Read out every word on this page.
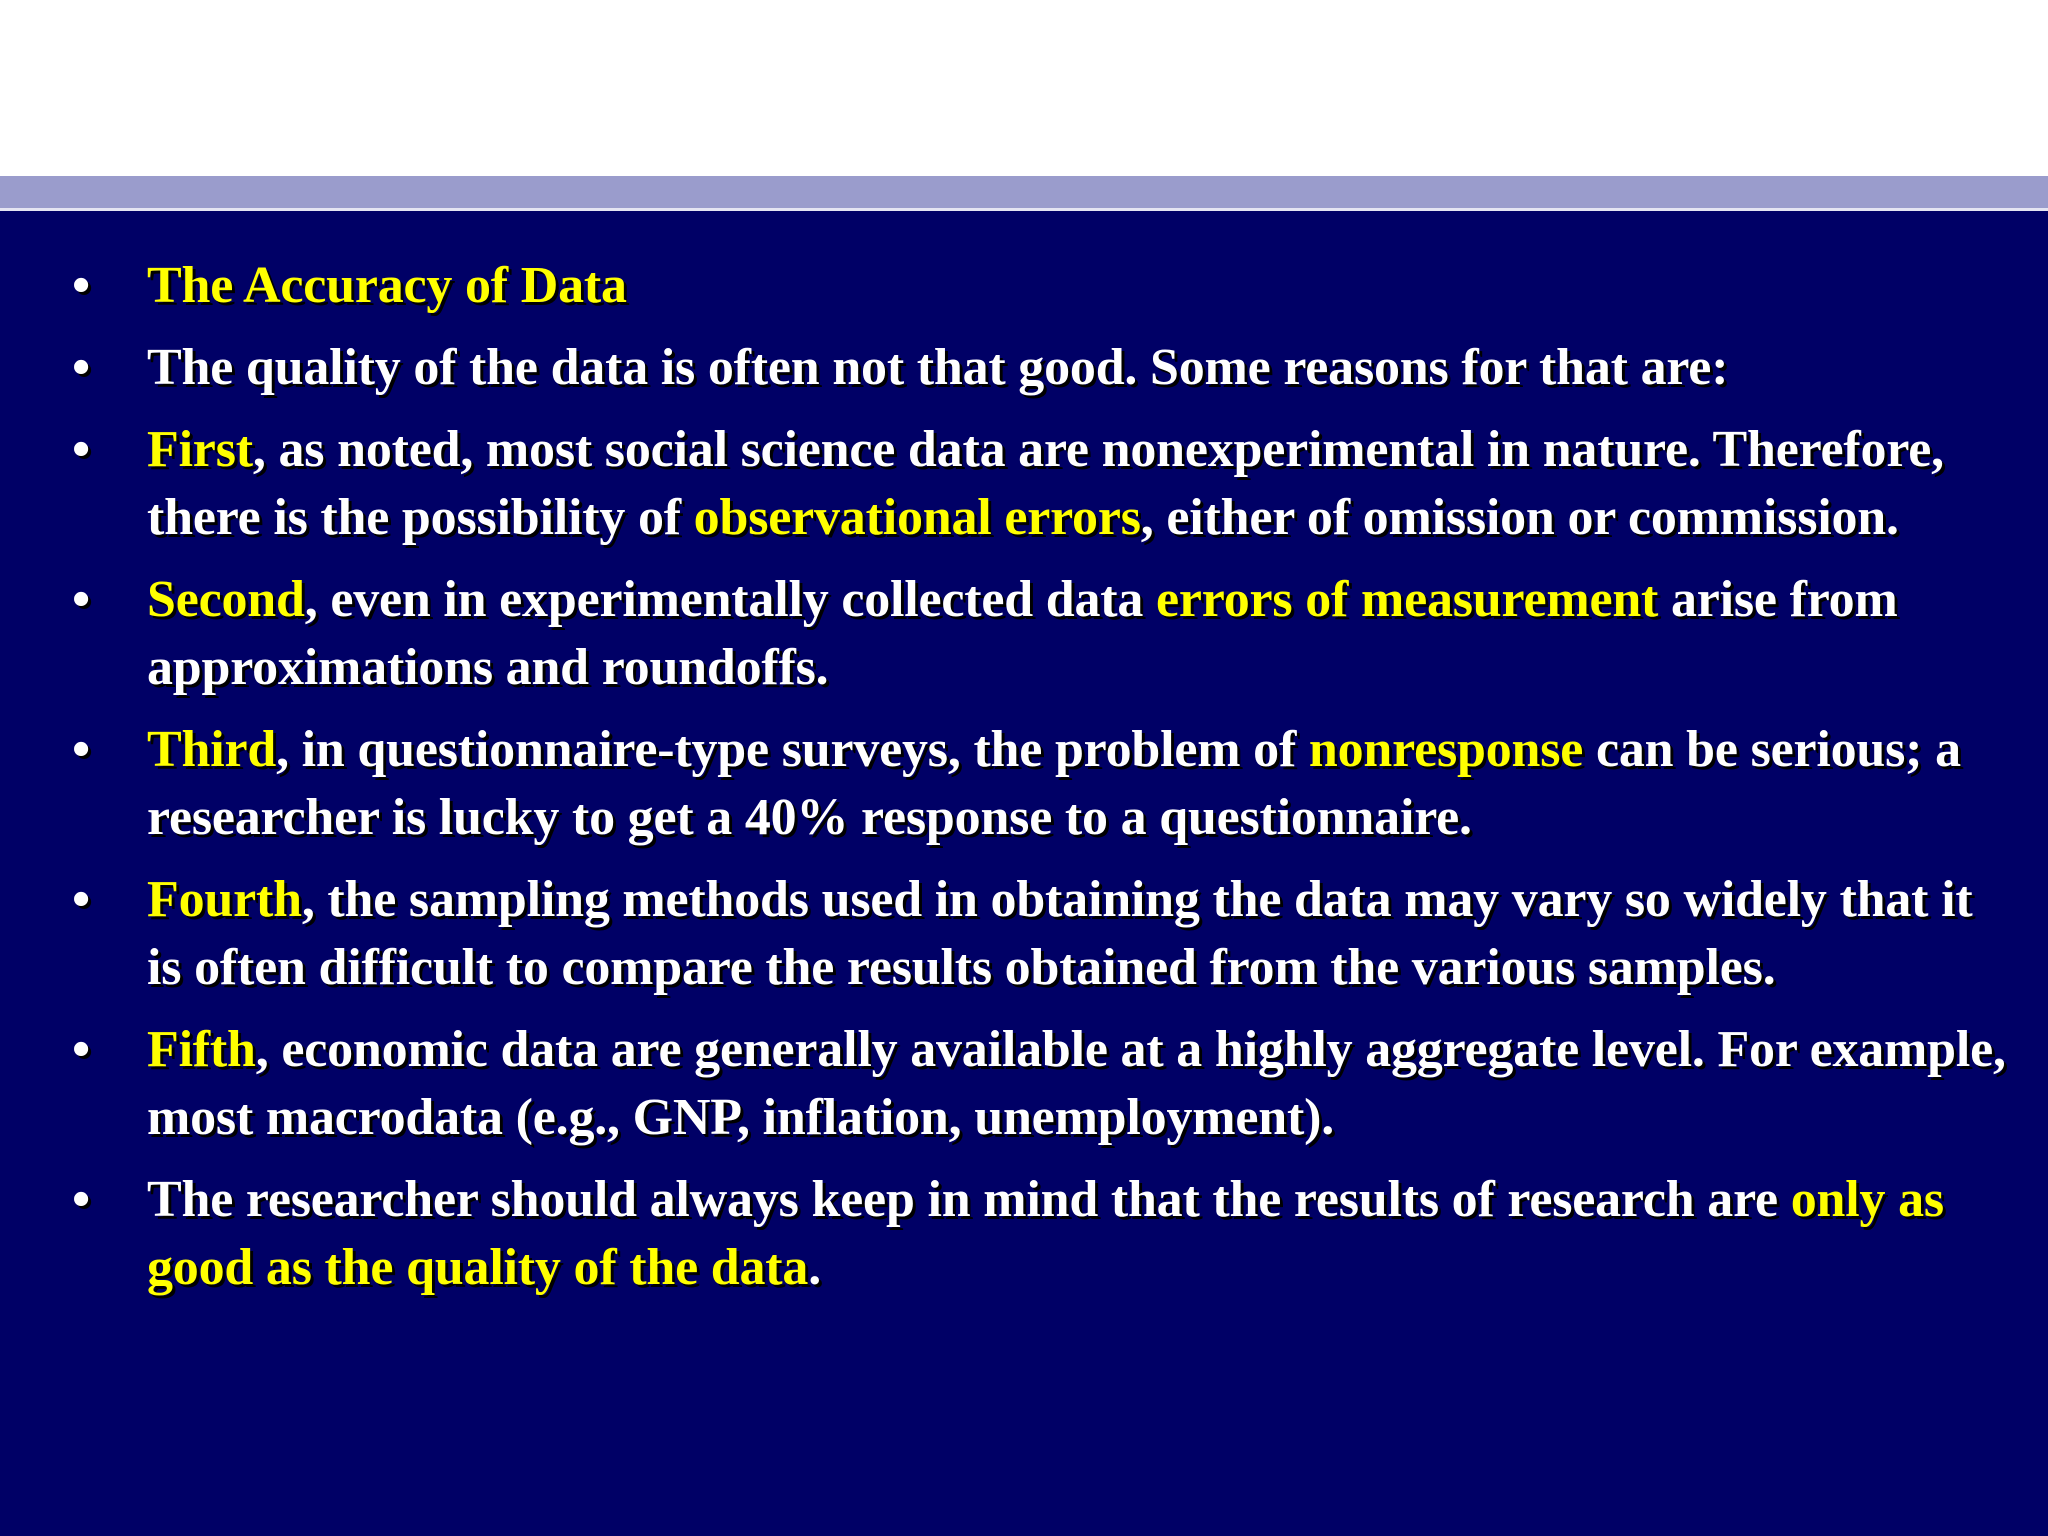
•	The Accuracy of Data
•	The quality of the data is often not that good. Some reasons for that are:
•	First, as noted, most social science data are nonexperimental in nature. Therefore, there is the possibility of observational errors, either of omission or commission.
•	Second, even in experimentally collected data errors of measurement arise from approximations and roundoffs.
•	Third, in questionnaire-type surveys, the problem of nonresponse can be serious; a researcher is lucky to get a 40% response to a questionnaire.
•	Fourth, the sampling methods used in obtaining the data may vary so widely that it is often difficult to compare the results obtained from the various samples.
•	Fifth, economic data are generally available at a highly aggregate level. For example, most macrodata (e.g., GNP, inflation, unemployment).
•	The researcher should always keep in mind that the results of research are only as good as the quality of the data.
